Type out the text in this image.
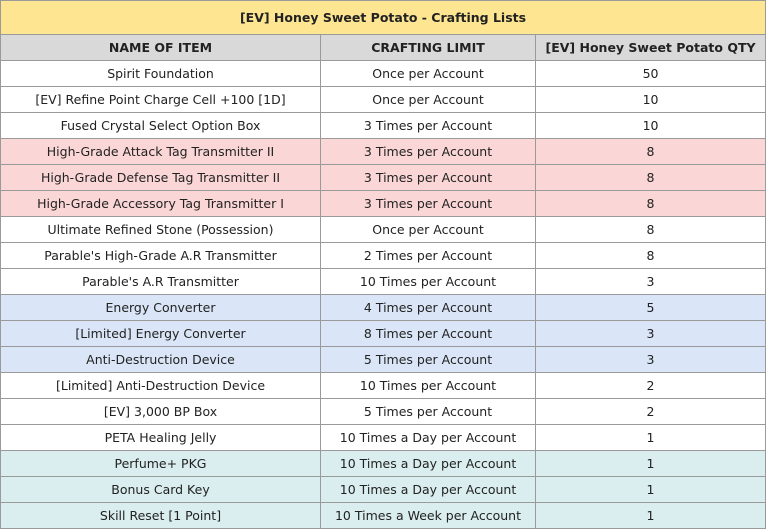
[EV] Honey Sweet Potato - Crafting Lists		
NAME OF ITEM	CRAFTING LIMIT	[EV] Honey Sweet Potato QTY
Spirit Foundation	Once per Account	50
[EV] Refine Point Charge Cell +100 [1D]	Once per Account	10
Fused Crystal Select Option Box	3 Times per Account	10
High-Grade Attack Tag Transmitter II	3 Times per Account	8
High-Grade Defense Tag Transmitter II	3 Times per Account	8
High-Grade Accessory Tag Transmitter I	3 Times per Account	8
Ultimate Refined Stone (Possession)	Once per Account	8
Parable's High-Grade A.R Transmitter	2 Times per Account	8
Parable's A.R Transmitter	10 Times per Account	3
Energy Converter	4 Times per Account	5
[Limited] Energy Converter	8 Times per Account	3
Anti-Destruction Device	5 Times per Account	3
[Limited] Anti-Destruction Device	10 Times per Account	2
[EV] 3,000 BP Box	5 Times per Account	2
PETA Healing Jelly	10 Times a Day per Account	1
Perfume+ PKG	10 Times a Day per Account	1
Bonus Card Key	10 Times a Day per Account	1
Skill Reset [1 Point]	10 Times a Week per Account	1
